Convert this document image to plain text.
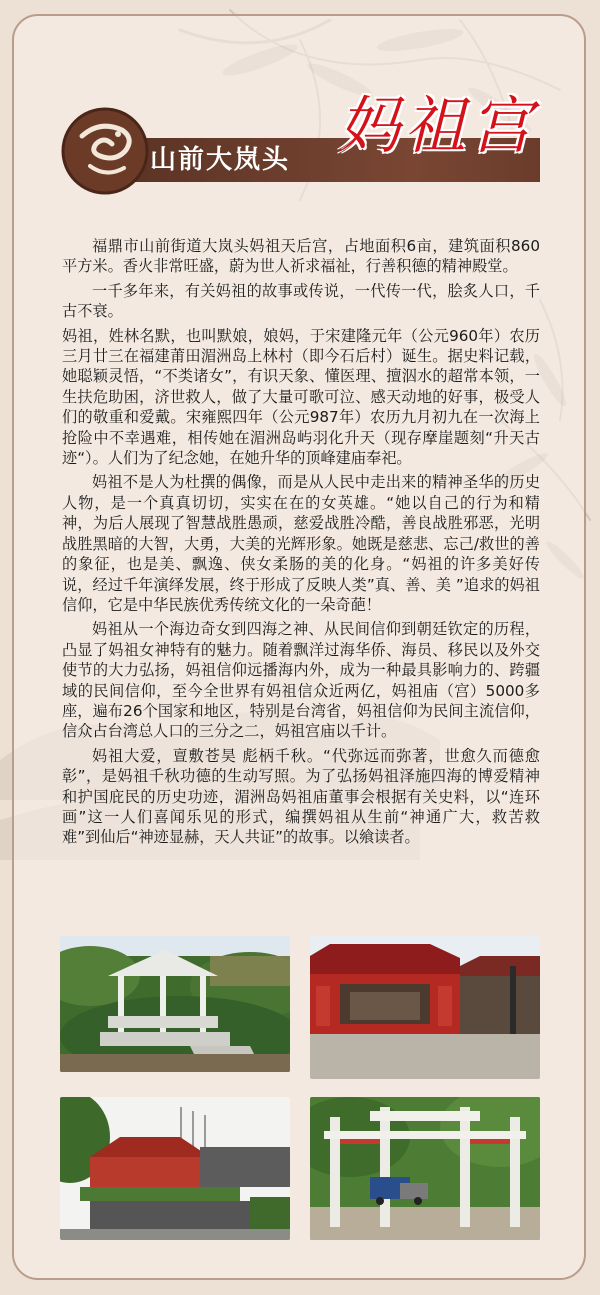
山前大岚头 妈祖宫

福鼎市山前街道大岚头妈祖天后宫，占地面积6亩，建筑面积860平方米。香火非常旺盛，蔚为世人祈求福祉，行善积德的精神殿堂。

一千多年来，有关妈祖的故事或传说，一代传一代，脍炙人口，千古不衰。

妈祖，姓林名默，也叫默娘，娘妈，于宋建隆元年（公元960年）农历三月廿三在福建莆田湄洲岛上林村（即今石后村）诞生。据史料记载，她聪颖灵悟，“不类诸女”，有识天象、懂医理、擅泅水的超常本领，一生扶危助困，济世救人，做了大量可歌可泣、感天动地的好事，极受人们的敬重和爱戴。宋雍熙四年（公元987年）农历九月初九在一次海上抢险中不幸遇难，相传她在湄洲岛屿羽化升天（现存摩崖题刻“升天古迹“）。人们为了纪念她，在她升华的顶峰建庙奉祀。

妈祖不是人为杜撰的偶像，而是从人民中走出来的精神圣华的历史人物，是一个真真切切，实实在在的女英雄。“她以自己的行为和精神，为后人展现了智慧战胜愚顽，慈爱战胜冷酷，善良战胜邪恶，光明战胜黑暗的大智，大勇，大美的光辉形象。她既是慈悲、忘己/救世的善的象征，也是美、飘逸、侠女柔肠的美的化身。“妈祖的许多美好传说，经过千年演绎发展，终于形成了反映人类”真、善、美 ”追求的妈祖信仰，它是中华民族优秀传统文化的一朵奇葩！

妈祖从一个海边奇女到四海之神、从民间信仰到朝廷钦定的历程，凸显了妈祖女神特有的魅力。随着飘洋过海华侨、海员、移民以及外交使节的大力弘扬，妈祖信仰远播海内外，成为一种最具影响力的、跨疆域的民间信仰，至今全世界有妈祖信众近两亿，妈祖庙（宫）5000多座，遍布26个国家和地区，特别是台湾省，妈祖信仰为民间主流信仰，信众占台湾总人口的三分之二，妈祖宫庙以千计。

妈祖大爱，亶敷苍昊 彪柄千秋。“代弥远而弥著，世愈久而德愈彰”，是妈祖千秋功德的生动写照。为了弘扬妈祖泽施四海的博爱精神和护国庇民的历史功迹，湄洲岛妈祖庙董事会根据有关史料，以“连环画”这一人们喜闻乐见的形式，编撰妈祖从生前“神通广大，救苦救难”到仙后“神迹显赫，天人共证”的故事。以飨读者。
